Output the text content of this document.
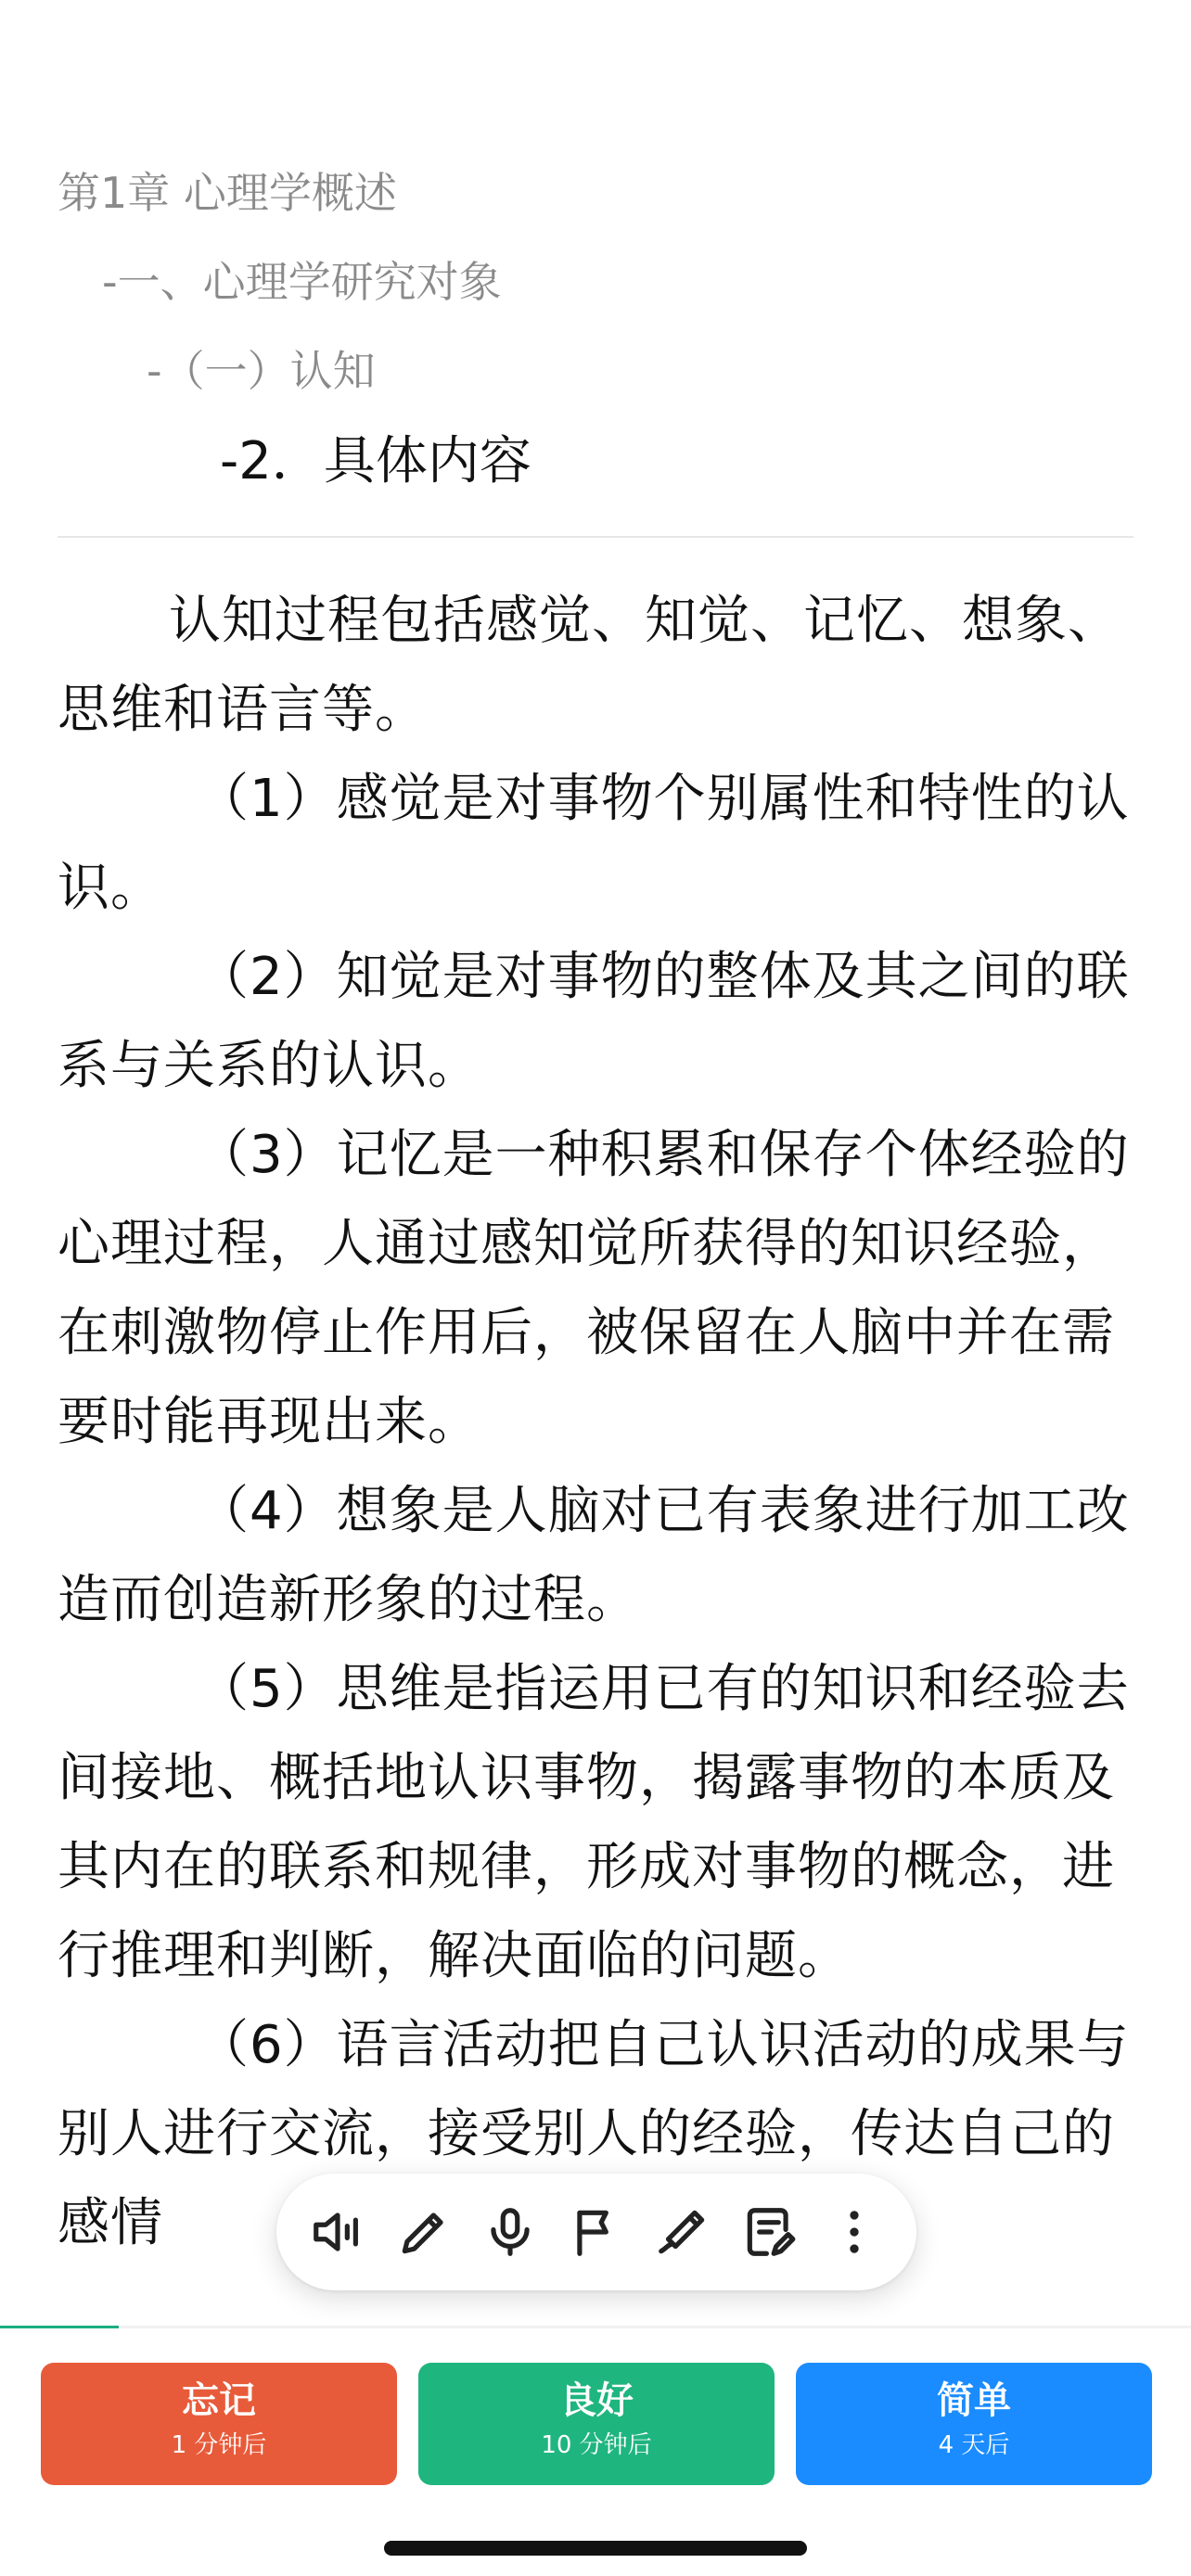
第1章 心理学概述
-一、心理学研究对象
-（一）认知
-2．具体内容

认知过程包括感觉、知觉、记忆、想象、思维和语言等。

（1）感觉是对事物个别属性和特性的认识。

（2）知觉是对事物的整体及其之间的联系与关系的认识。

（3）记忆是一种积累和保存个体经验的心理过程，人通过感知觉所获得的知识经验，在刺激物停止作用后，被保留在人脑中并在需要时能再现出来。

（4）想象是人脑对已有表象进行加工改造而创造新形象的过程。

（5）思维是指运用已有的知识和经验去间接地、概括地认识事物，揭露事物的本质及其内在的联系和规律，形成对事物的概念，进行推理和判断，解决面临的问题。

（6）语言活动把自己认识活动的成果与别人进行交流，接受别人的经验，传达自己的感情

忘记
1 分钟后
良好
10 分钟后
简单
4 天后
